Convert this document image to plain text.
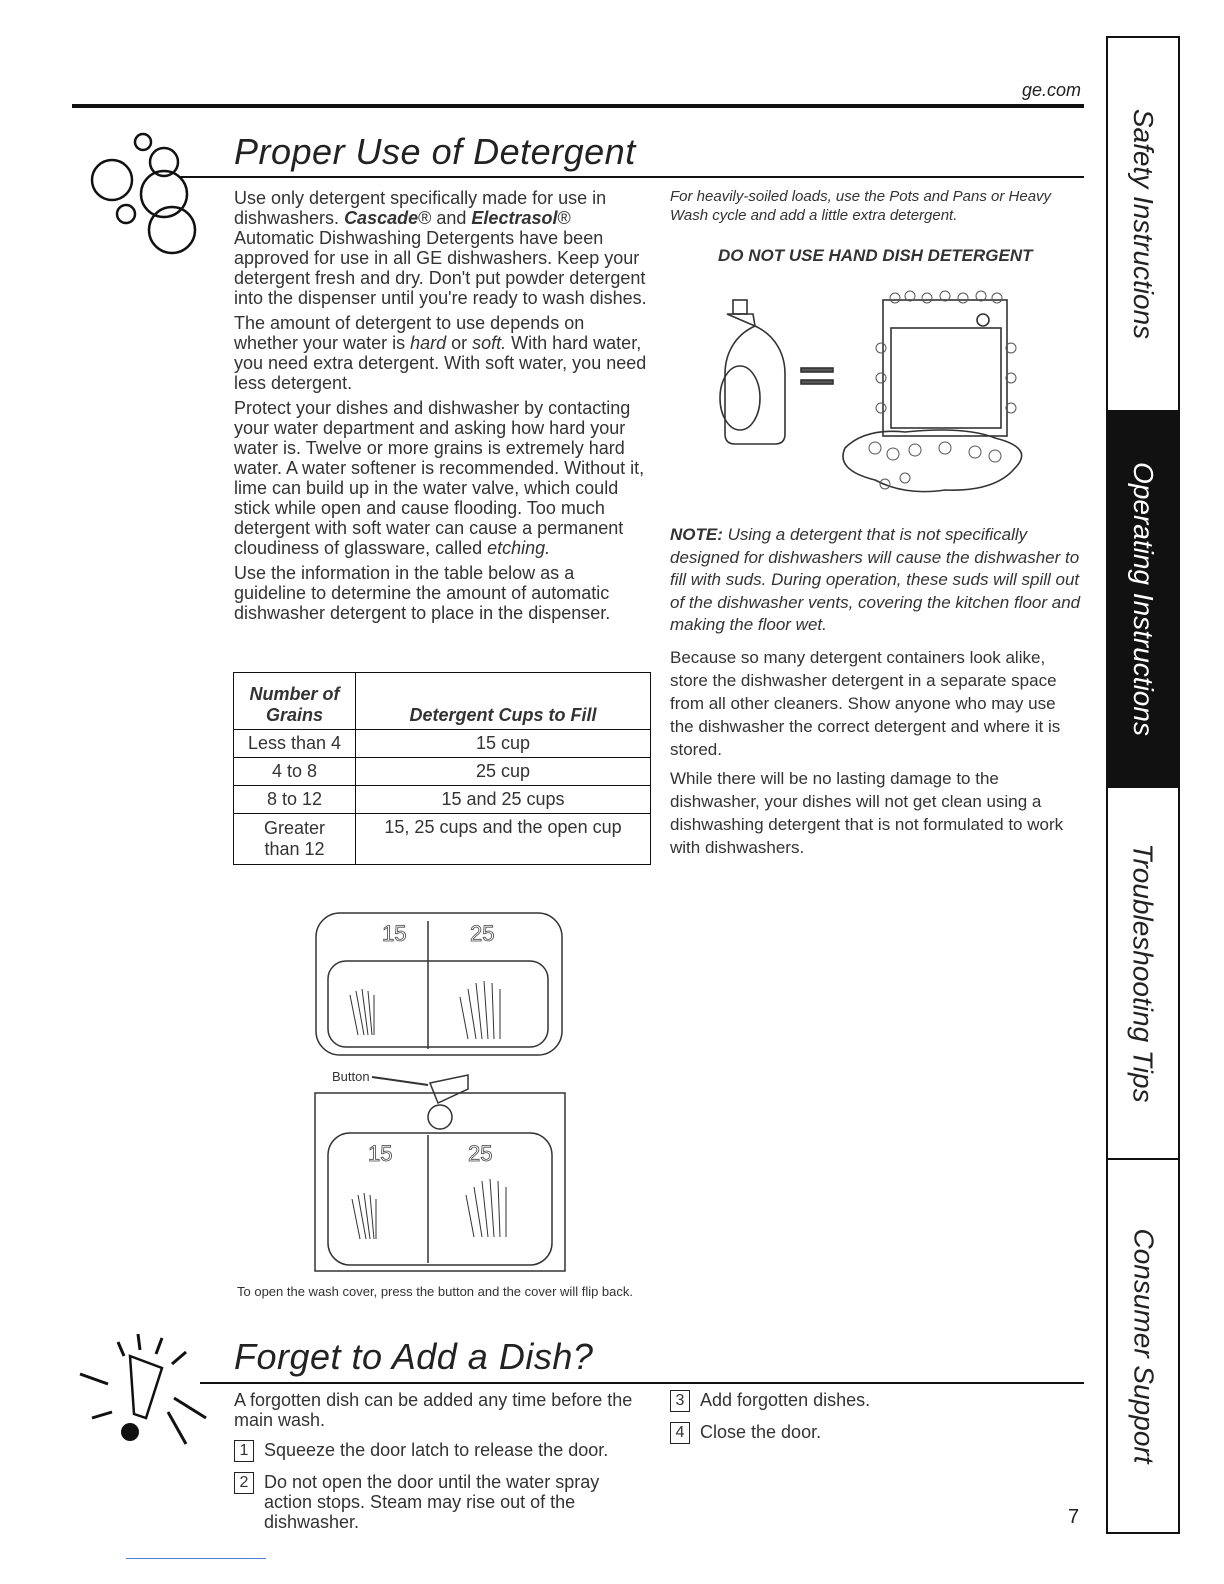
ge.com
Proper Use of Detergent

Use only detergent specifically made for use in dishwashers. Cascade® and Electrasol® Automatic Dishwashing Detergents have been approved for use in all GE dishwashers. Keep your detergent fresh and dry. Don't put powder detergent into the dispenser until you're ready to wash dishes.

The amount of detergent to use depends on whether your water is hard or soft. With hard water, you need extra detergent. With soft water, you need less detergent.

Protect your dishes and dishwasher by contacting your water department and asking how hard your water is. Twelve or more grains is extremely hard water. A water softener is recommended. Without it, lime can build up in the water valve, which could stick while open and cause flooding. Too much detergent with soft water can cause a permanent cloudiness of glassware, called etching.

Use the information in the table below as a guideline to determine the amount of automatic dishwasher detergent to place in the dispenser.

Number of Grains	Detergent Cups to Fill
Less than 4	15 cup
4 to 8	25 cup
8 to 12	15 and 25 cups
Greater than 12	15, 25 cups and the open cup
15	25
15	25
Button
To open the wash cover, press the button and the cover will flip back.
For heavily-soiled loads, use the Pots and Pans or Heavy Wash cycle and add a little extra detergent.
DO NOT USE HAND DISH DETERGENT
NOTE: Using a detergent that is not specifically designed for dishwashers will cause the dishwasher to fill with suds. During operation, these suds will spill out of the dishwasher vents, covering the kitchen floor and making the floor wet.
Because so many detergent containers look alike, store the dishwasher detergent in a separate space from all other cleaners. Show anyone who may use the dishwasher the correct detergent and where it is stored.
While there will be no lasting damage to the dishwasher, your dishes will not get clean using a dishwashing detergent that is not formulated to work with dishwashers.
Forget to Add a Dish?
A forgotten dish can be added any time before the main wash.
1 Squeeze the door latch to release the door.
2 Do not open the door until the water spray action stops. Steam may rise out of the dishwasher.
3 Add forgotten dishes.
4 Close the door.
7
Safety Instructions
Operating Instructions
Troubleshooting Tips
Consumer Support
